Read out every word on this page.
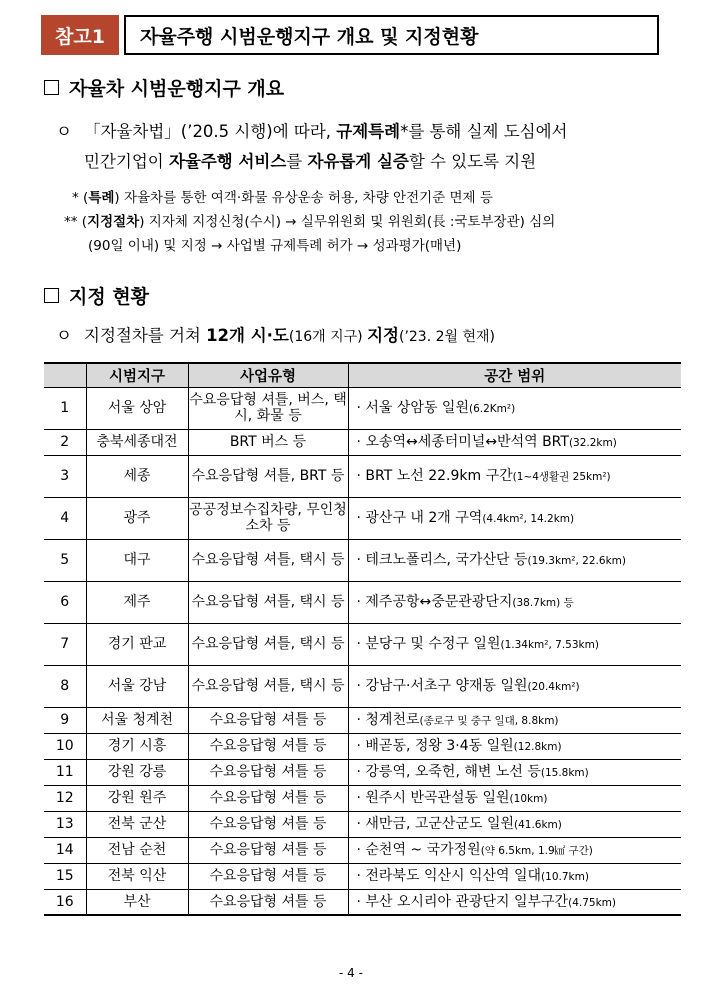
참고1	자율주행 시범운행지구 개요 및 지정현황
자율차 시범운행지구 개요
ㅇ 「자율차법」(’20.5 시행)에 따라, 규제특례*를 통해 실제 도심에서
민간기업이 자율주행 서비스를 자유롭게 실증할 수 있도록 지원
* (특례) 자율차를 통한 여객·화물 유상운송 허용, 차량 안전기준 면제 등
** (지정절차) 지자체 지정신청(수시) → 실무위원회 및 위원회(長 :국토부장관) 심의
(90일 이내) 및 지정 → 사업별 규제특례 허가 → 성과평가(매년)
지정 현황
ㅇ 지정절차를 거쳐 12개 시·도(16개 지구) 지정(’23. 2월 현재)
	시범지구	사업유형	공간 범위
1	서울 상암	수요응답형 셔틀, 버스, 택시, 화물 등	· 서울 상암동 일원(6.2Km²)
2	충북세종대전	BRT 버스 등	· 오송역↔세종터미널↔반석역 BRT(32.2km)
3	세종	수요응답형 셔틀, BRT 등	· BRT 노선 22.9km 구간(1~4생활권 25km²)
4	광주	공공정보수집차량, 무인청소차 등	· 광산구 내 2개 구역(4.4km², 14.2km)
5	대구	수요응답형 셔틀, 택시 등	· 테크노폴리스, 국가산단 등(19.3km², 22.6km)
6	제주	수요응답형 셔틀, 택시 등	· 제주공항↔중문관광단지(38.7km) 등
7	경기 판교	수요응답형 셔틀, 택시 등	· 분당구 및 수정구 일원(1.34km², 7.53km)
8	서울 강남	수요응답형 셔틀, 택시 등	· 강남구·서초구 양재동 일원(20.4km²)
9	서울 청계천	수요응답형 셔틀 등	· 청계천로(종로구 및 중구 일대, 8.8km)
10	경기 시흥	수요응답형 셔틀 등	· 배곧동, 정왕 3·4동 일원(12.8km)
11	강원 강릉	수요응답형 셔틀 등	· 강릉역, 오죽헌, 해변 노선 등(15.8km)
12	강원 원주	수요응답형 셔틀 등	· 원주시 반곡관설동 일원(10km)
13	전북 군산	수요응답형 셔틀 등	· 새만금, 고군산군도 일원(41.6km)
14	전남 순천	수요응답형 셔틀 등	· 순천역 ~ 국가정원(약 6.5km, 1.9㎢ 구간)
15	전북 익산	수요응답형 셔틀 등	· 전라북도 익산시 익산역 일대(10.7km)
16	부산	수요응답형 셔틀 등	· 부산 오시리아 관광단지 일부구간(4.75km)
- 4 -
